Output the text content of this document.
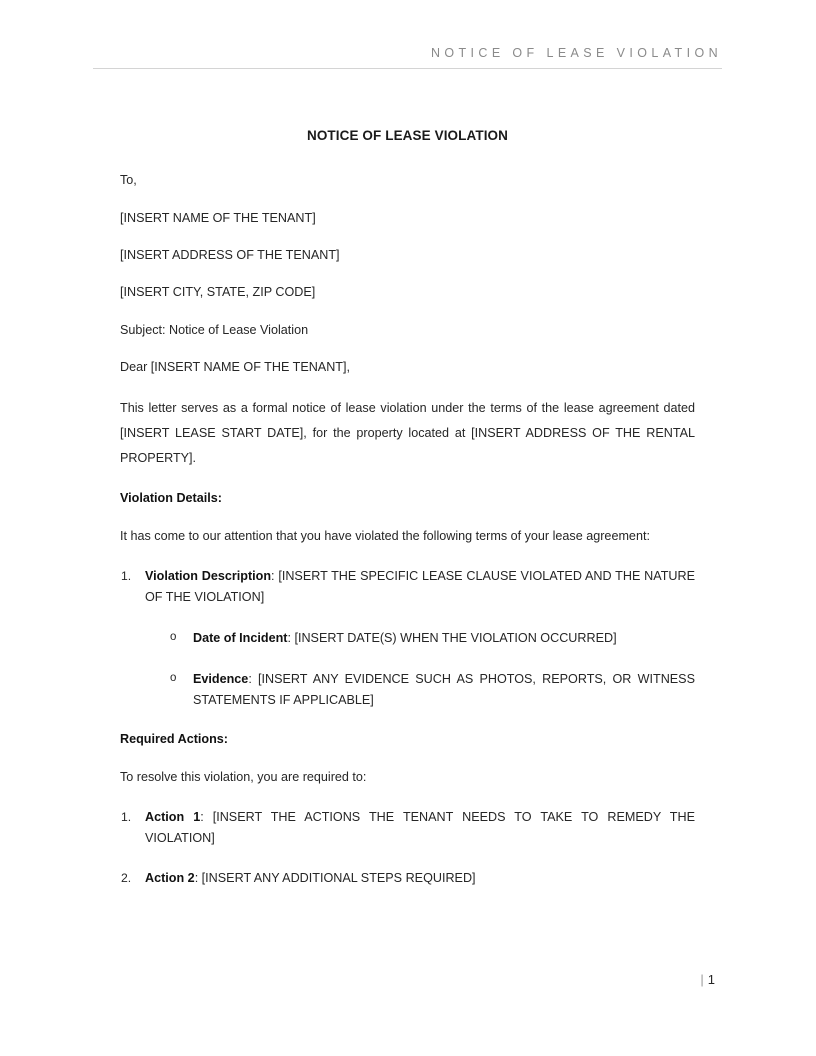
NOTICE OF LEASE VIOLATION
NOTICE OF LEASE VIOLATION

To,

[INSERT NAME OF THE TENANT]

[INSERT ADDRESS OF THE TENANT]

[INSERT CITY, STATE, ZIP CODE]

Subject: Notice of Lease Violation

Dear [INSERT NAME OF THE TENANT],

This letter serves as a formal notice of lease violation under the terms of the lease agreement dated [INSERT LEASE START DATE], for the property located at [INSERT ADDRESS OF THE RENTAL PROPERTY].

Violation Details:

It has come to our attention that you have violated the following terms of your lease agreement:

1.	Violation Description: [INSERT THE SPECIFIC LEASE CLAUSE VIOLATED AND THE NATURE OF THE VIOLATION]
o Date of Incident: [INSERT DATE(S) WHEN THE VIOLATION OCCURRED]
o Evidence: [INSERT ANY EVIDENCE SUCH AS PHOTOS, REPORTS, OR WITNESS STATEMENTS IF APPLICABLE]
Required Actions:

To resolve this violation, you are required to:

1.	Action 1: [INSERT THE ACTIONS THE TENANT NEEDS TO TAKE TO REMEDY THE VIOLATION]
2.	Action 2: [INSERT ANY ADDITIONAL STEPS REQUIRED]
| 1
